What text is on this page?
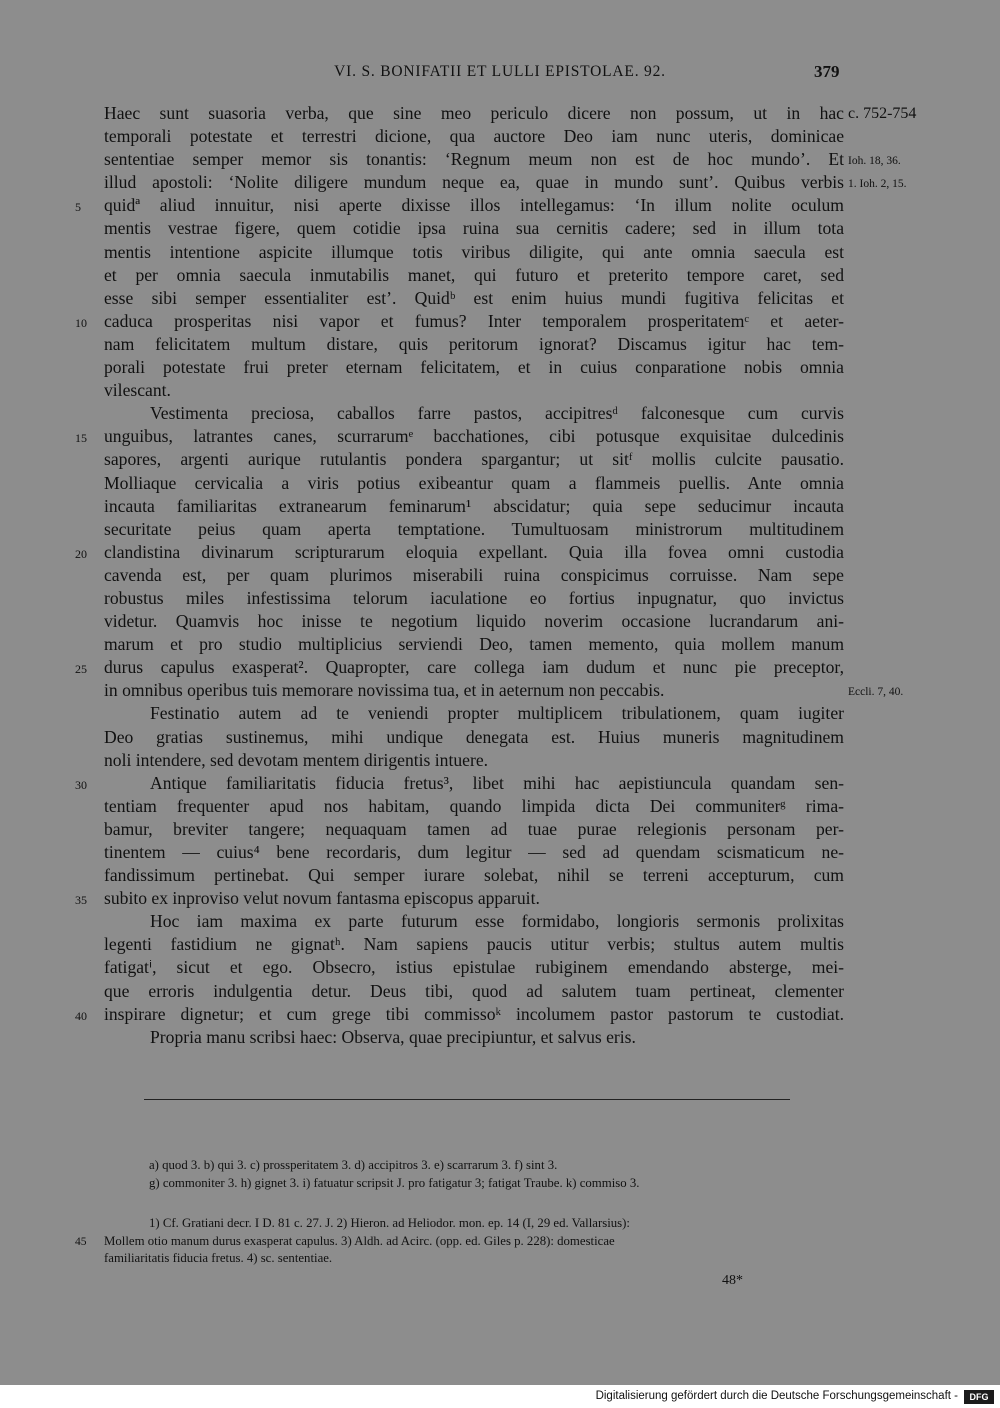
VI. S. BONIFATII ET LULLI EPISTOLAE. 92.	379
Haec sunt suasoria verba, que sine meo periculo dicere non possum, ut in hac c. 752-754
temporali potestate et terrestri dicione, qua auctore Deo iam nunc uteris, dominicae
sententiae semper memor sis tonantis: ‘Regnum meum non est de hoc mundo’. Et Ioh. 18, 36.
illud apostoli: ‘Nolite diligere mundum neque ea, quae in mundo sunt’. Quibus verbis 1. Ioh. 2, 15.
quidª aliud innuitur, nisi aperte dixisse illos intellegamus: ‘In illum nolite oculum
5
mentis vestrae figere, quem cotidie ipsa ruina sua cernitis cadere; sed in illum tota
mentis intentione aspicite illumque totis viribus diligite, qui ante omnia saecula est
et per omnia saecula inmutabilis manet, qui futuro et preterito tempore caret, sed
esse sibi semper essentialiter est’. Quidᵇ est enim huius mundi fugitiva felicitas et
caduca prosperitas nisi vapor et fumus? Inter temporalem prosperitatemᶜ et aeter-
10
nam felicitatem multum distare, quis peritorum ignorat? Discamus igitur hac tem-
porali potestate frui preter eternam felicitatem, et in cuius conparatione nobis omnia
vilescant.
Vestimenta preciosa, caballos farre pastos, accipitresᵈ falconesque cum curvis
unguibus, latrantes canes, scurrarumᵉ bacchationes, cibi potusque exquisitae dulcedinis
15
sapores, argenti aurique rutulantis pondera spargantur; ut sitᶠ mollis culcite pausatio.
Molliaque cervicalia a viris potius exibeantur quam a flammeis puellis. Ante omnia
incauta familiaritas extranearum feminarum¹ abscidatur; quia sepe seducimur incauta
securitate peius quam aperta temptatione. Tumultuosam ministrorum multitudinem
clandistina divinarum scripturarum eloquia expellant. Quia illa fovea omni custodia
20
cavenda est, per quam plurimos miserabili ruina conspicimus corruisse. Nam sepe
robustus miles infestissima telorum iaculatione eo fortius inpugnatur, quo invictus
videtur. Quamvis hoc inisse te negotium liquido noverim occasione lucrandarum ani-
marum et pro studio multiplicius serviendi Deo, tamen memento, quia mollem manum
durus capulus exasperat². Quapropter, care collega iam dudum et nunc pie preceptor,
25
in omnibus operibus tuis memorare novissima tua, et in aeternum non peccabis.	Eccli. 7, 40.
Festinatio autem ad te veniendi propter multiplicem tribulationem, quam iugiter
Deo gratias sustinemus, mihi undique denegata est. Huius muneris magnitudinem
noli intendere, sed devotam mentem dirigentis intuere.
Antique familiaritatis fiducia fretus³, libet mihi hac aepistiuncula quandam sen-
30
tentiam frequenter apud nos habitam, quando limpida dicta Dei communiterᵍ rima-
bamur, breviter tangere; nequaquam tamen ad tuae purae relegionis personam per-
tinentem — cuius⁴ bene recordaris, dum legitur — sed ad quendam scismaticum ne-
fandissimum pertinebat. Qui semper iurare solebat, nihil se terreni accepturum, cum
subito ex inproviso velut novum fantasma episcopus apparuit.
35
Hoc iam maxima ex parte futurum esse formidabo, longioris sermonis prolixitas
legenti fastidium ne gignatʰ. Nam sapiens paucis utitur verbis; stultus autem multis
fatigatⁱ, sicut et ego. Obsecro, istius epistulae rubiginem emendando absterge, mei-
que erroris indulgentia detur. Deus tibi, quod ad salutem tuam pertineat, clementer
inspirare dignetur; et cum grege tibi commissoᵏ incolumem pastor pastorum te custodiat.
40
Propria manu scribsi haec: Observa, quae precipiuntur, et salvus eris.
a) quod 3. b) qui 3. c) prossperitatem 3. d) accipitros 3. e) scarrarum 3. f) sint 3.
g) commoniter 3. h) gignet 3. i) fatuatur scripsit J. pro fatigatur 3; fatigat Traube. k) commiso 3.
1) Cf. Gratiani decr. I D. 81 c. 27. J. 2) Hieron. ad Heliodor. mon. ep. 14 (I, 29 ed. Vallarsius):
Mollem otio manum durus exasperat capulus. 3) Aldh. ad Acirc. (opp. ed. Giles p. 228): domesticae
45
familiaritatis fiducia fretus. 4) sc. sententiae.
48*
Digitalisierung gefördert durch die Deutsche Forschungsgemeinschaft -	DFG
